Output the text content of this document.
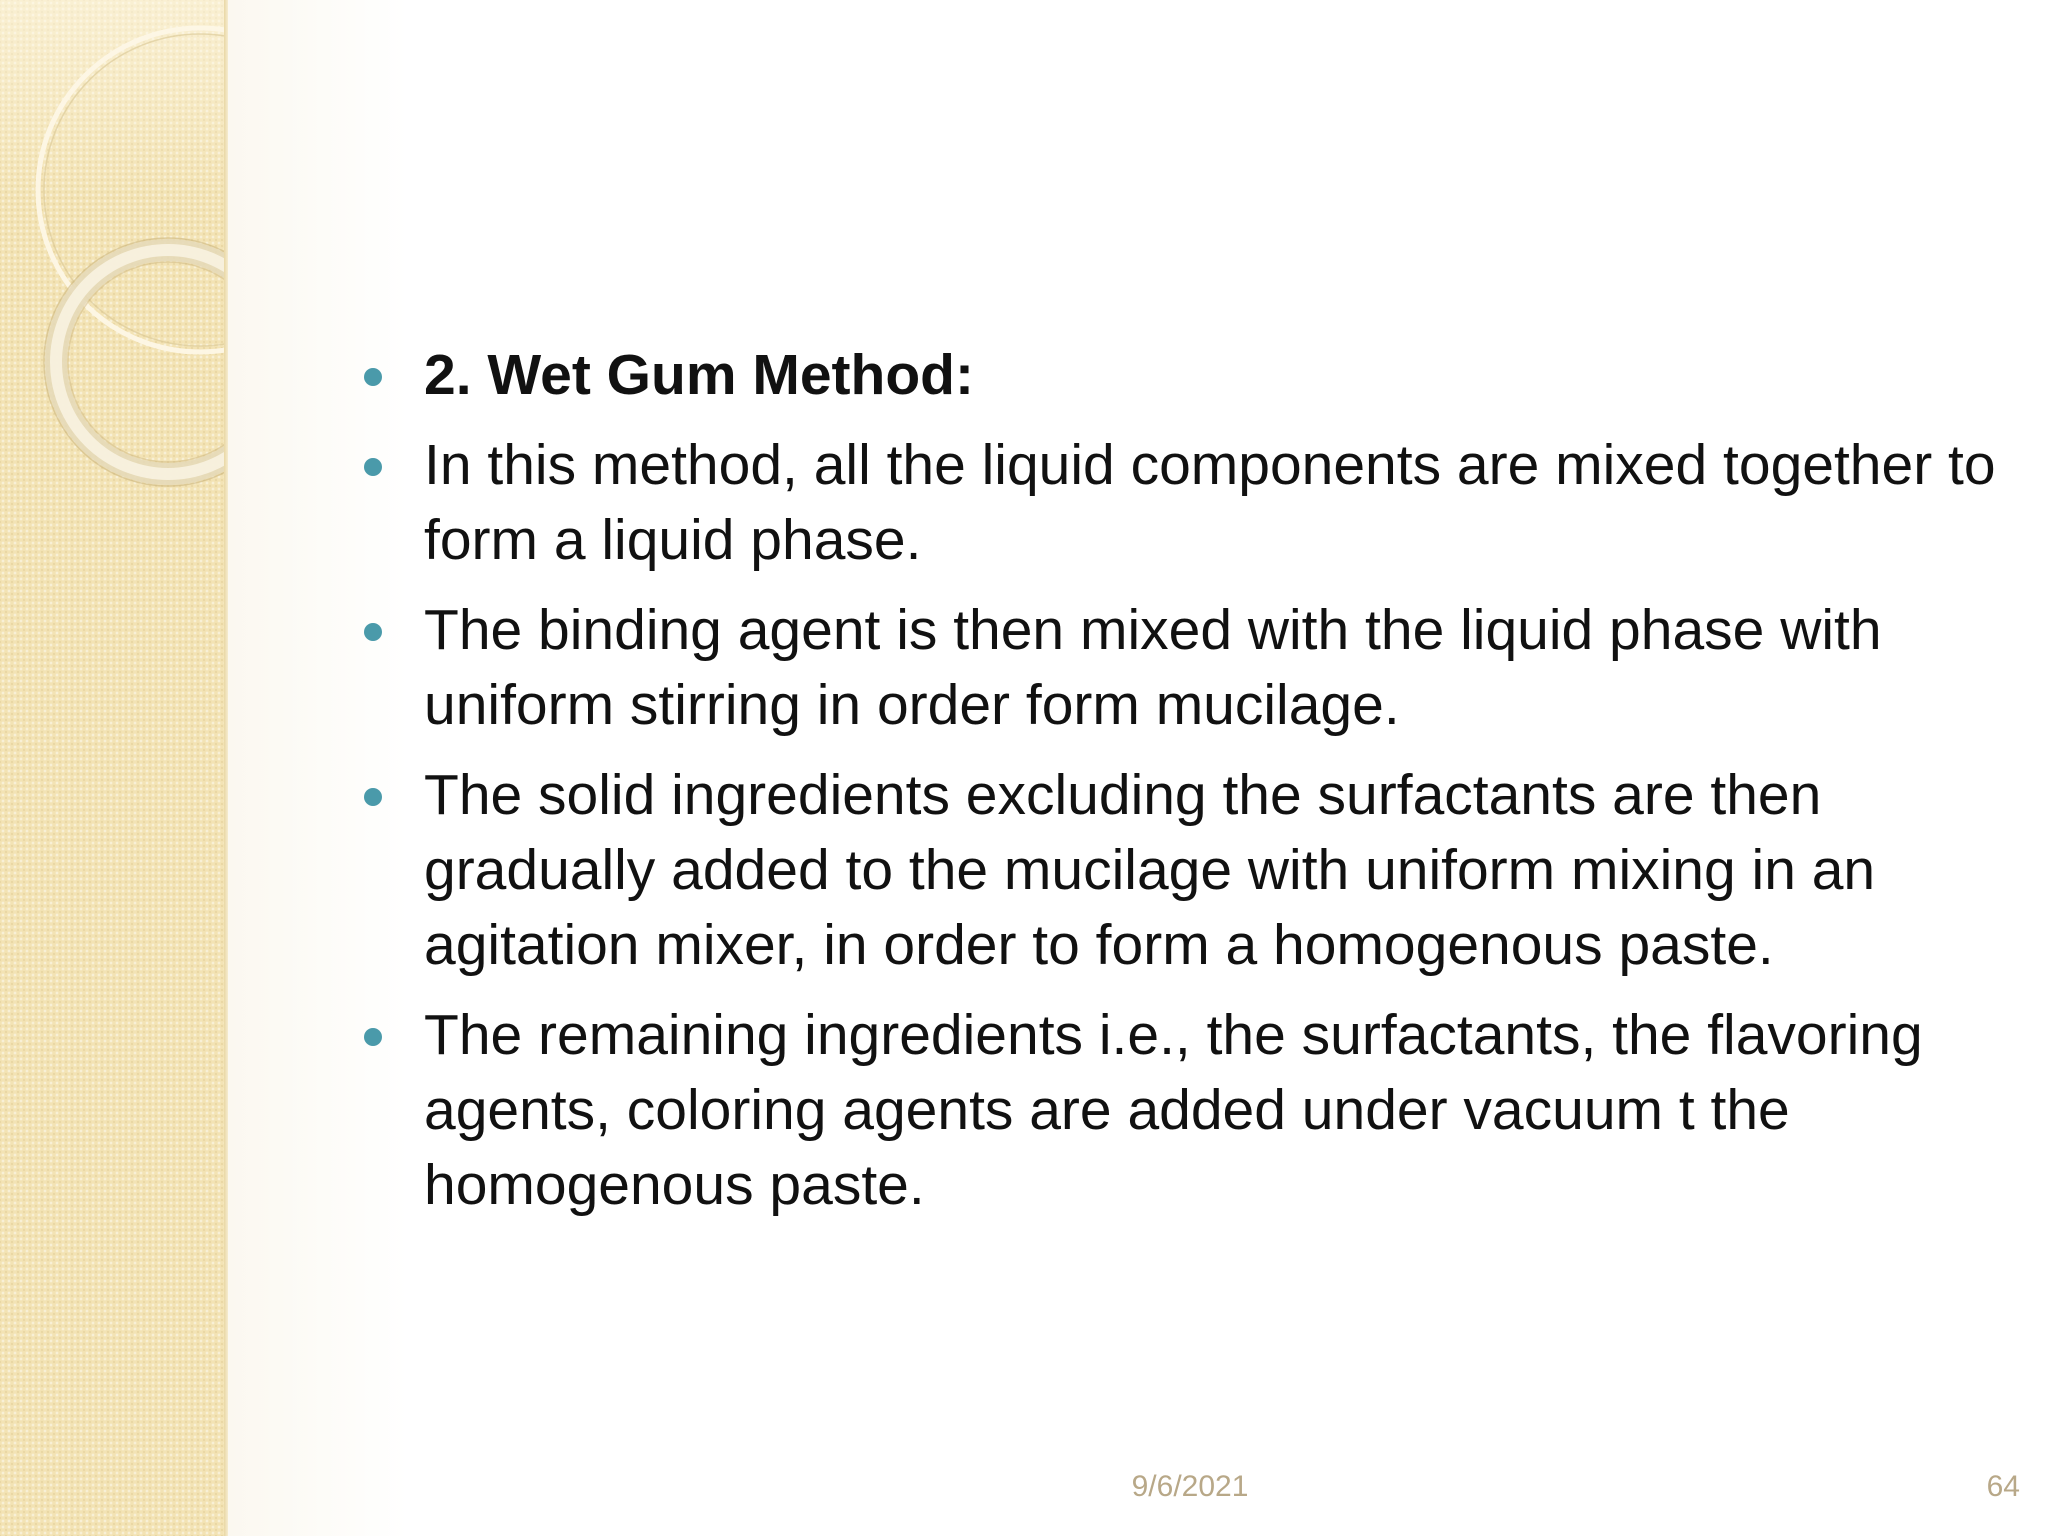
2. Wet Gum Method:
In this method, all the liquid components are mixed together to form a liquid phase.
The binding agent is then mixed with the liquid phase with uniform stirring in order form mucilage.
The solid ingredients excluding the surfactants are then gradually added to the mucilage with uniform mixing in an agitation mixer, in order to form a homogenous paste.
The remaining ingredients i.e., the surfactants, the flavoring agents, coloring agents are added under vacuum t the homogenous paste.
9/6/2021	64
